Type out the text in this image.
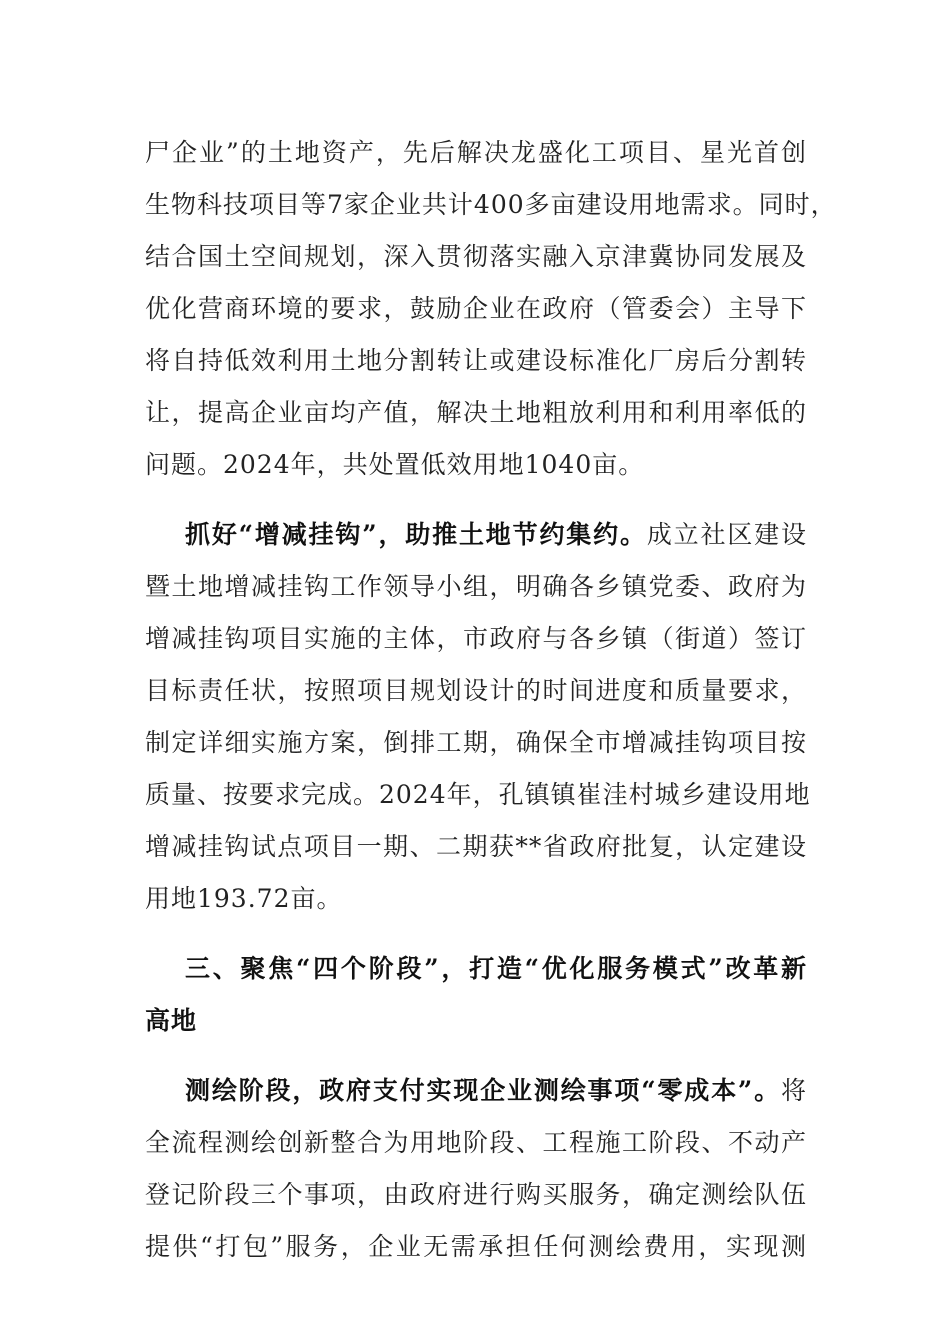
尸企业”的土地资产，先后解决龙盛化工项目、星光首创
生物科技项目等7家企业共计400多亩建设用地需求。同时，
结合国土空间规划，深入贯彻落实融入京津冀协同发展及
优化营商环境的要求，鼓励企业在政府（管委会）主导下
将自持低效利用土地分割转让或建设标准化厂房后分割转
让，提高企业亩均产值，解决土地粗放利用和利用率低的
问题。2024年，共处置低效用地1040亩。
抓好“增减挂钩”，助推土地节约集约。成立社区建设
暨土地增减挂钩工作领导小组，明确各乡镇党委、政府为
增减挂钩项目实施的主体，市政府与各乡镇（街道）签订
目标责任状，按照项目规划设计的时间进度和质量要求，
制定详细实施方案，倒排工期，确保全市增减挂钩项目按
质量、按要求完成。2024年，孔镇镇崔洼村城乡建设用地
增减挂钩试点项目一期、二期获**省政府批复，认定建设
用地193.72亩。
三、聚焦“四个阶段”，打造“优化服务模式”改革新
高地
测绘阶段，政府支付实现企业测绘事项“零成本”。将
全流程测绘创新整合为用地阶段、工程施工阶段、不动产
登记阶段三个事项，由政府进行购买服务，确定测绘队伍
提供“打包”服务，企业无需承担任何测绘费用，实现测
